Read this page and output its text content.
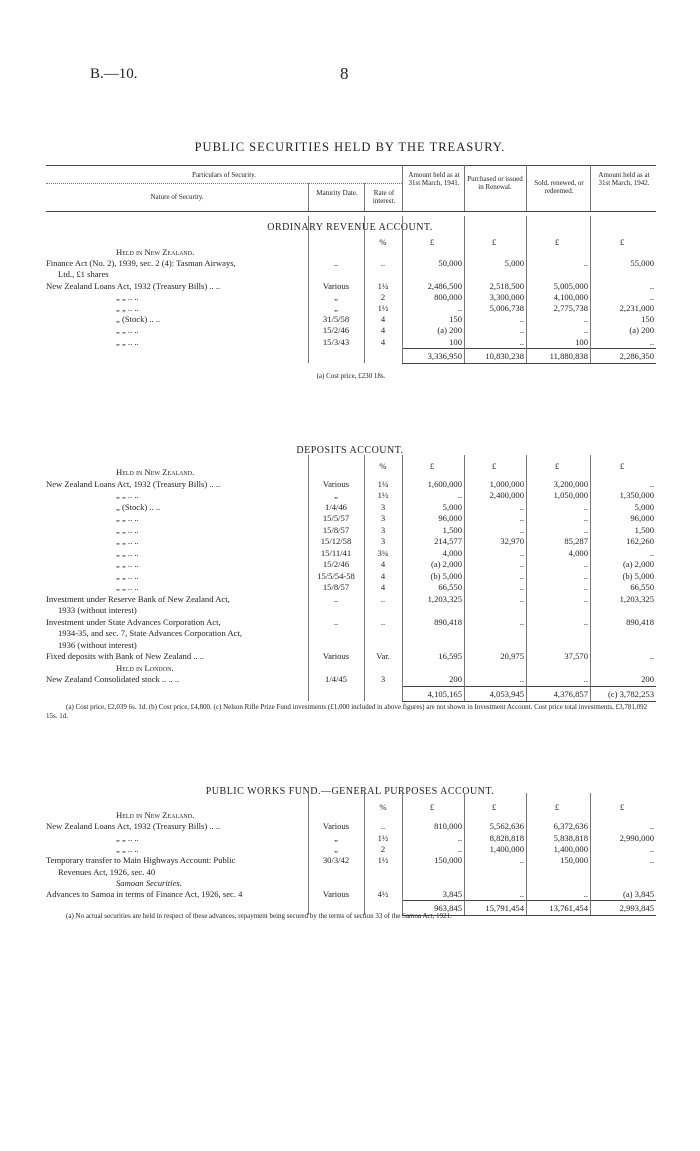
B.—10.	8
PUBLIC SECURITIES HELD BY THE TREASURY.
Particulars of Security.
Nature of Security.	Maturity Date.	Rate of interest.
Amount held as at 31st March, 1941.	Purchased or issued in Renewal.	Sold, renewed, or redeemed.
Amount held as at 31st March, 1942.
ORDINARY REVENUE ACCOUNT.
%	£	£	£	£
Held in New Zealand.
Finance Act (No. 2), 1939, sec. 2 (4): Tasman Airways,	..	..	50,000	5,000	..	55,000
Ltd., £1 shares
New Zealand Loans Act, 1932 (Treasury Bills) .. ..	Various	1¼	2,486,500	2,518,500	5,005,000	..
„ „ .. ..	„	2	800,000	3,300,000	4,100,000	..
„ „ .. ..	„	1½	..	5,006,738	2,775,738	2,231,000
„ (Stock) .. ..	31/5/58	4	150	..	..	150
„ „ .. ..	15/2/46	4	(a) 200	..	..	(a) 200
„ „ .. ..	15/3/43	4	100	..	100	..
3,336,950	10,830,238	11,880,838	2,286,350
(a) Cost price, £230 18s.
DEPOSITS ACCOUNT.
%	£	£	£	£
Held in New Zealand.
New Zealand Loans Act, 1932 (Treasury Bills) .. ..	Various	1¼	1,600,000	1,000,000	3,200,000	..
„ „ .. ..	„	1½	..	2,400,000	1,050,000	1,350,000
„ (Stock) .. ..	1/4/46	3	5,000	..	..	5,000
„ „ .. ..	15/5/57	3	96,000	..	..	96,000
„ „ .. ..	15/8/57	3	1,500	..	..	1,500
„ „ .. ..	15/12/58	3	214,577	32,970	85,287	162,260
„ „ .. ..	15/11/41	3¾	4,000	..	4,000	..
„ „ .. ..	15/2/46	4	(a) 2,000	..	..	(a) 2,000
„ „ .. ..	15/5/54-58	4	(b) 5,000	..	..	(b) 5,000
„ „ .. ..	15/8/57	4	66,550	..	..	66,550
Investment under Reserve Bank of New Zealand Act,	..	..	1,203,325	..	..	1,203,325
1933 (without interest)
Investment under State Advances Corporation Act,	..	..	890,418	..	..	890,418
1934-35, and sec. 7, State Advances Corporation Act,
1936 (without interest)
Fixed deposits with Bank of New Zealand .. ..	Various	Var.	16,595	20,975	37,570	..
Held in London.
New Zealand Consolidated stock .. .. ..	1/4/45	3	200	..	..	200
4,105,165	4,053,945	4,376,857	(c) 3,782,253
(a) Cost price, £2,039 6s. 1d. (b) Cost price, £4,800. (c) Nelson Rifle Prize Fund investments (£1,000 included in above figures) are not shown in Investment Account. Cost price total investments, £3,781,092 15s. 1d.
PUBLIC WORKS FUND.—GENERAL PURPOSES ACCOUNT.
%	£	£	£	£
Held in New Zealand.
New Zealand Loans Act, 1932 (Treasury Bills) .. ..	Various	..	810,000	5,562,636	6,372,636	..
„ „ .. ..	„	1½	..	8,828,818	5,838,818	2,990,000
„ „ .. ..	„	2	..	1,400,000	1,400,000	..
Temporary transfer to Main Highways Account: Public	30/3/42	1½	150,000	..	150,000	..
Revenues Act, 1926, sec. 40
Samoan Securities.
Advances to Samoa in terms of Finance Act, 1926, sec. 4	Various	4½	3,845	..	..	(a) 3,845
963,845	15,791,454	13,761,454	2,993,845
(a) No actual securities are held in respect of these advances, repayment being secured by the terms of section 33 of the Samoa Act, 1921.
